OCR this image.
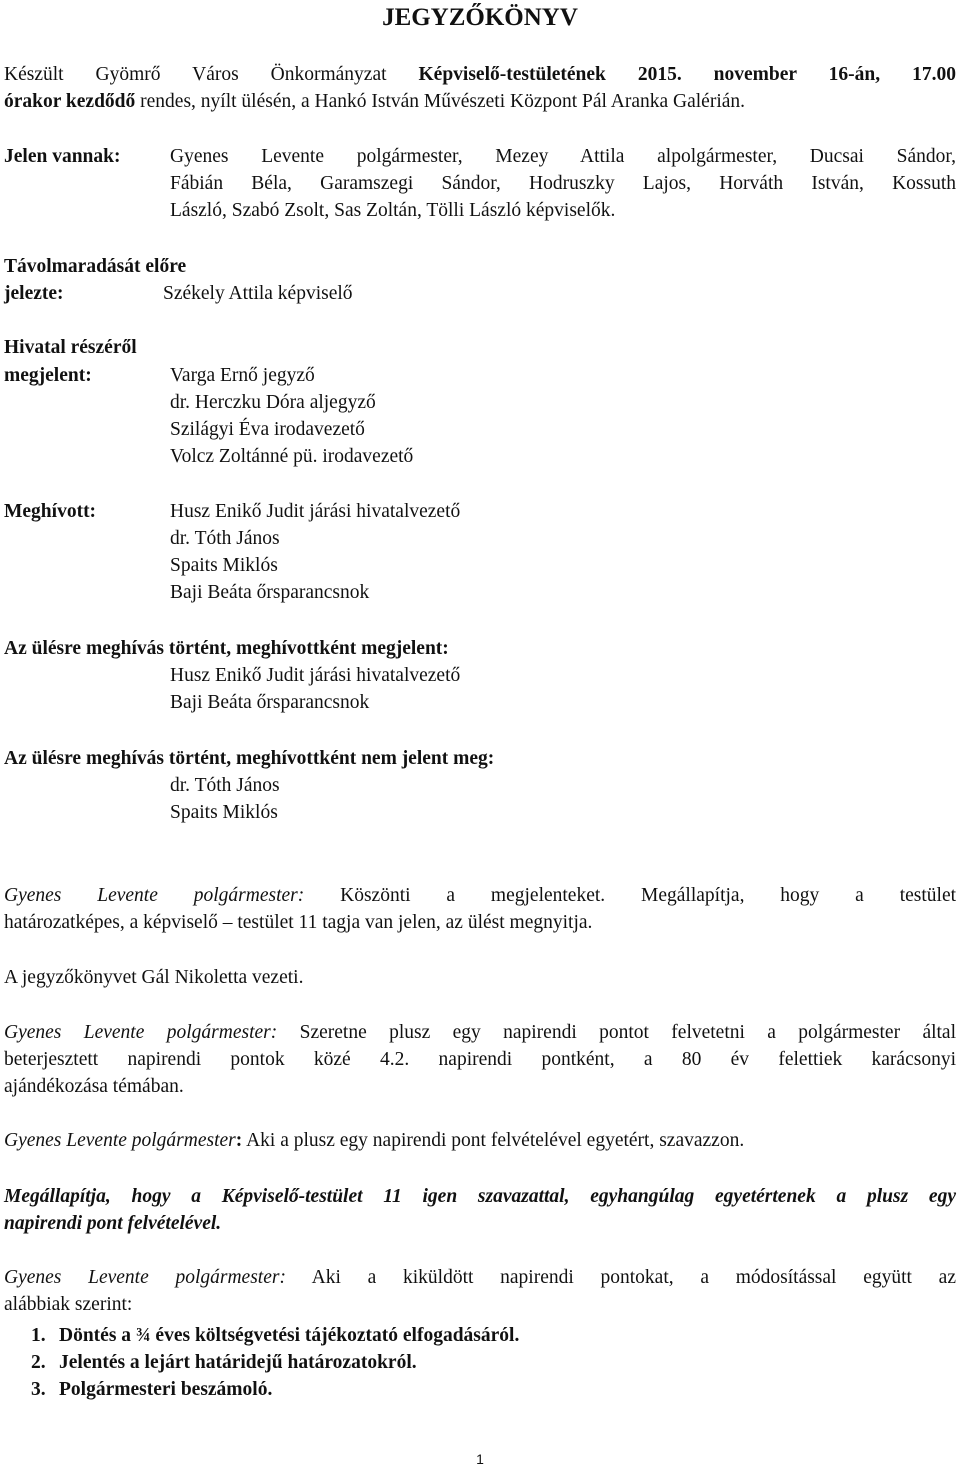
JEGYZŐKÖNYV
Készült Gyömrő Város Önkormányzat Képviselő-testületének 2015. november 16-án, 17.00
órakor kezdődő rendes, nyílt ülésén, a Hankó István Művészeti Központ Pál Aranka Galérián.
Jelen vannak:	Gyenes Levente polgármester, Mezey Attila alpolgármester, Ducsai Sándor,
Fábián Béla, Garamszegi Sándor, Hodruszky Lajos, Horváth István, Kossuth
László, Szabó Zsolt, Sas Zoltán, Tölli László képviselők.
Távolmaradását előre
jelezte:	Székely Attila képviselő
Hivatal részéről
megjelent:	Varga Ernő jegyző
dr. Herczku Dóra aljegyző
Szilágyi Éva irodavezető
Volcz Zoltánné pü. irodavezető
Meghívott:	Husz Enikő Judit járási hivatalvezető
dr. Tóth János
Spaits Miklós
Baji Beáta őrsparancsnok
Az ülésre meghívás történt, meghívottként megjelent:
Husz Enikő Judit járási hivatalvezető
Baji Beáta őrsparancsnok
Az ülésre meghívás történt, meghívottként nem jelent meg:
dr. Tóth János
Spaits Miklós
Gyenes Levente polgármester: Köszönti a megjelenteket. Megállapítja, hogy a testület
határozatképes, a képviselő – testület 11 tagja van jelen, az ülést megnyitja.
A jegyzőkönyvet Gál Nikoletta vezeti.
Gyenes Levente polgármester: Szeretne plusz egy napirendi pontot felvetetni a polgármester által
beterjesztett napirendi pontok közé 4.2. napirendi pontként, a 80 év felettiek karácsonyi
ajándékozása témában.
Gyenes Levente polgármester: Aki a plusz egy napirendi pont felvételével egyetért, szavazzon.
Megállapítja, hogy a Képviselő-testület 11 igen szavazattal, egyhangúlag egyetértenek a plusz egy
napirendi pont felvételével.
Gyenes Levente polgármester: Aki a kiküldött napirendi pontokat, a módosítással együtt az
alábbiak szerint:
1. Döntés a ¾ éves költségvetési tájékoztató elfogadásáról.
2. Jelentés a lejárt határidejű határozatokról.
3. Polgármesteri beszámoló.
1
